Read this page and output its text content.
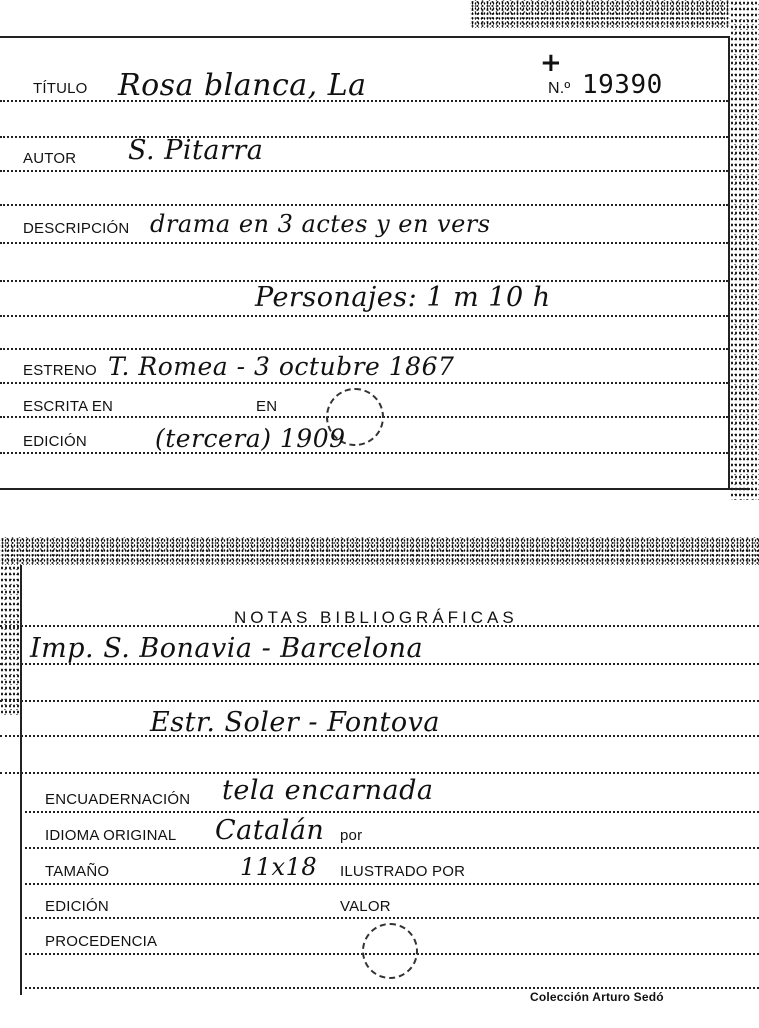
TÍTULO Rosa blanca, La
+
N.º 19390
AUTOR S. Pitarra
DESCRIPCIÓN drama en 3 actes y en vers
Personajes: 1 m 10 h
ESTRENO T. Romea - 3 octubre 1867
ESCRITA EN	EN
EDICIÓN	(tercera) 1909
NOTAS BIBLIOGRÁFICAS
Imp. S. Bonavia - Barcelona
Estr. Soler - Fontova
ENCUADERNACIÓN tela encarnada
IDIOMA ORIGINAL Catalán por
TAMAÑO	11x18 ILUSTRADO POR
EDICIÓN	VALOR
PROCEDENCIA
Colección Arturo Sedó
